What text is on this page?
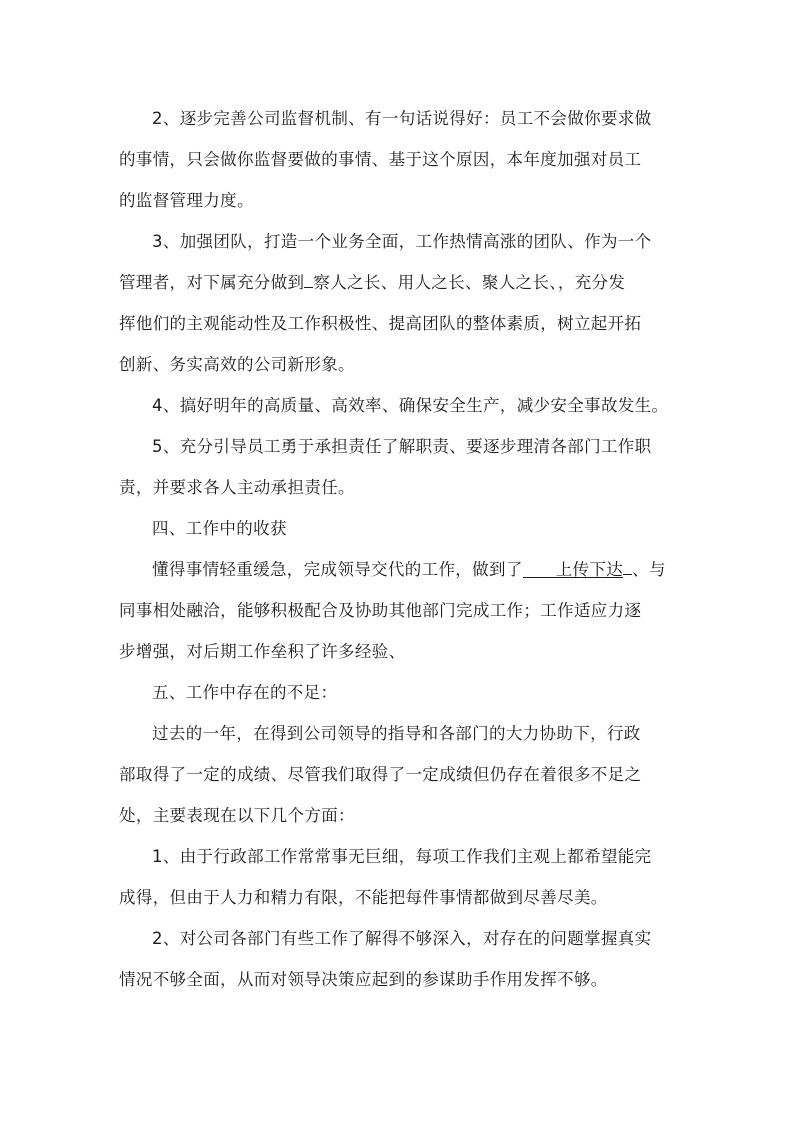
2、逐步完善公司监督机制、有一句话说得好：员工不会做你要求做
的事情，只会做你监督要做的事情、基于这个原因，本年度加强对员工
的监督管理力度。

3、加强团队，打造一个业务全面，工作热情高涨的团队、作为一个
管理者，对下属充分做到 察人之长、用人之长、聚人之长、，充分发
挥他们的主观能动性及工作积极性、提高团队的整体素质，树立起开拓
创新、务实高效的公司新形象。

4、搞好明年的高质量、高效率、确保安全生产，减少安全事故发生。

5、充分引导员工勇于承担责任了解职责、要逐步理清各部门工作职
责，并要求各人主动承担责任。

四、工作中的收获

懂得事情轻重缓急，完成领导交代的工作，做到了 上传下达 、与
同事相处融洽，能够积极配合及协助其他部门完成工作；工作适应力逐
步增强，对后期工作垒积了许多经验、

五、工作中存在的不足：

过去的一年，在得到公司领导的指导和各部门的大力协助下，行政
部取得了一定的成绩、尽管我们取得了一定成绩但仍存在着很多不足之
处，主要表现在以下几个方面：

1、由于行政部工作常常事无巨细，每项工作我们主观上都希望能完
成得，但由于人力和精力有限，不能把每件事情都做到尽善尽美。

2、对公司各部门有些工作了解得不够深入，对存在的问题掌握真实
情况不够全面，从而对领导决策应起到的参谋助手作用发挥不够。
